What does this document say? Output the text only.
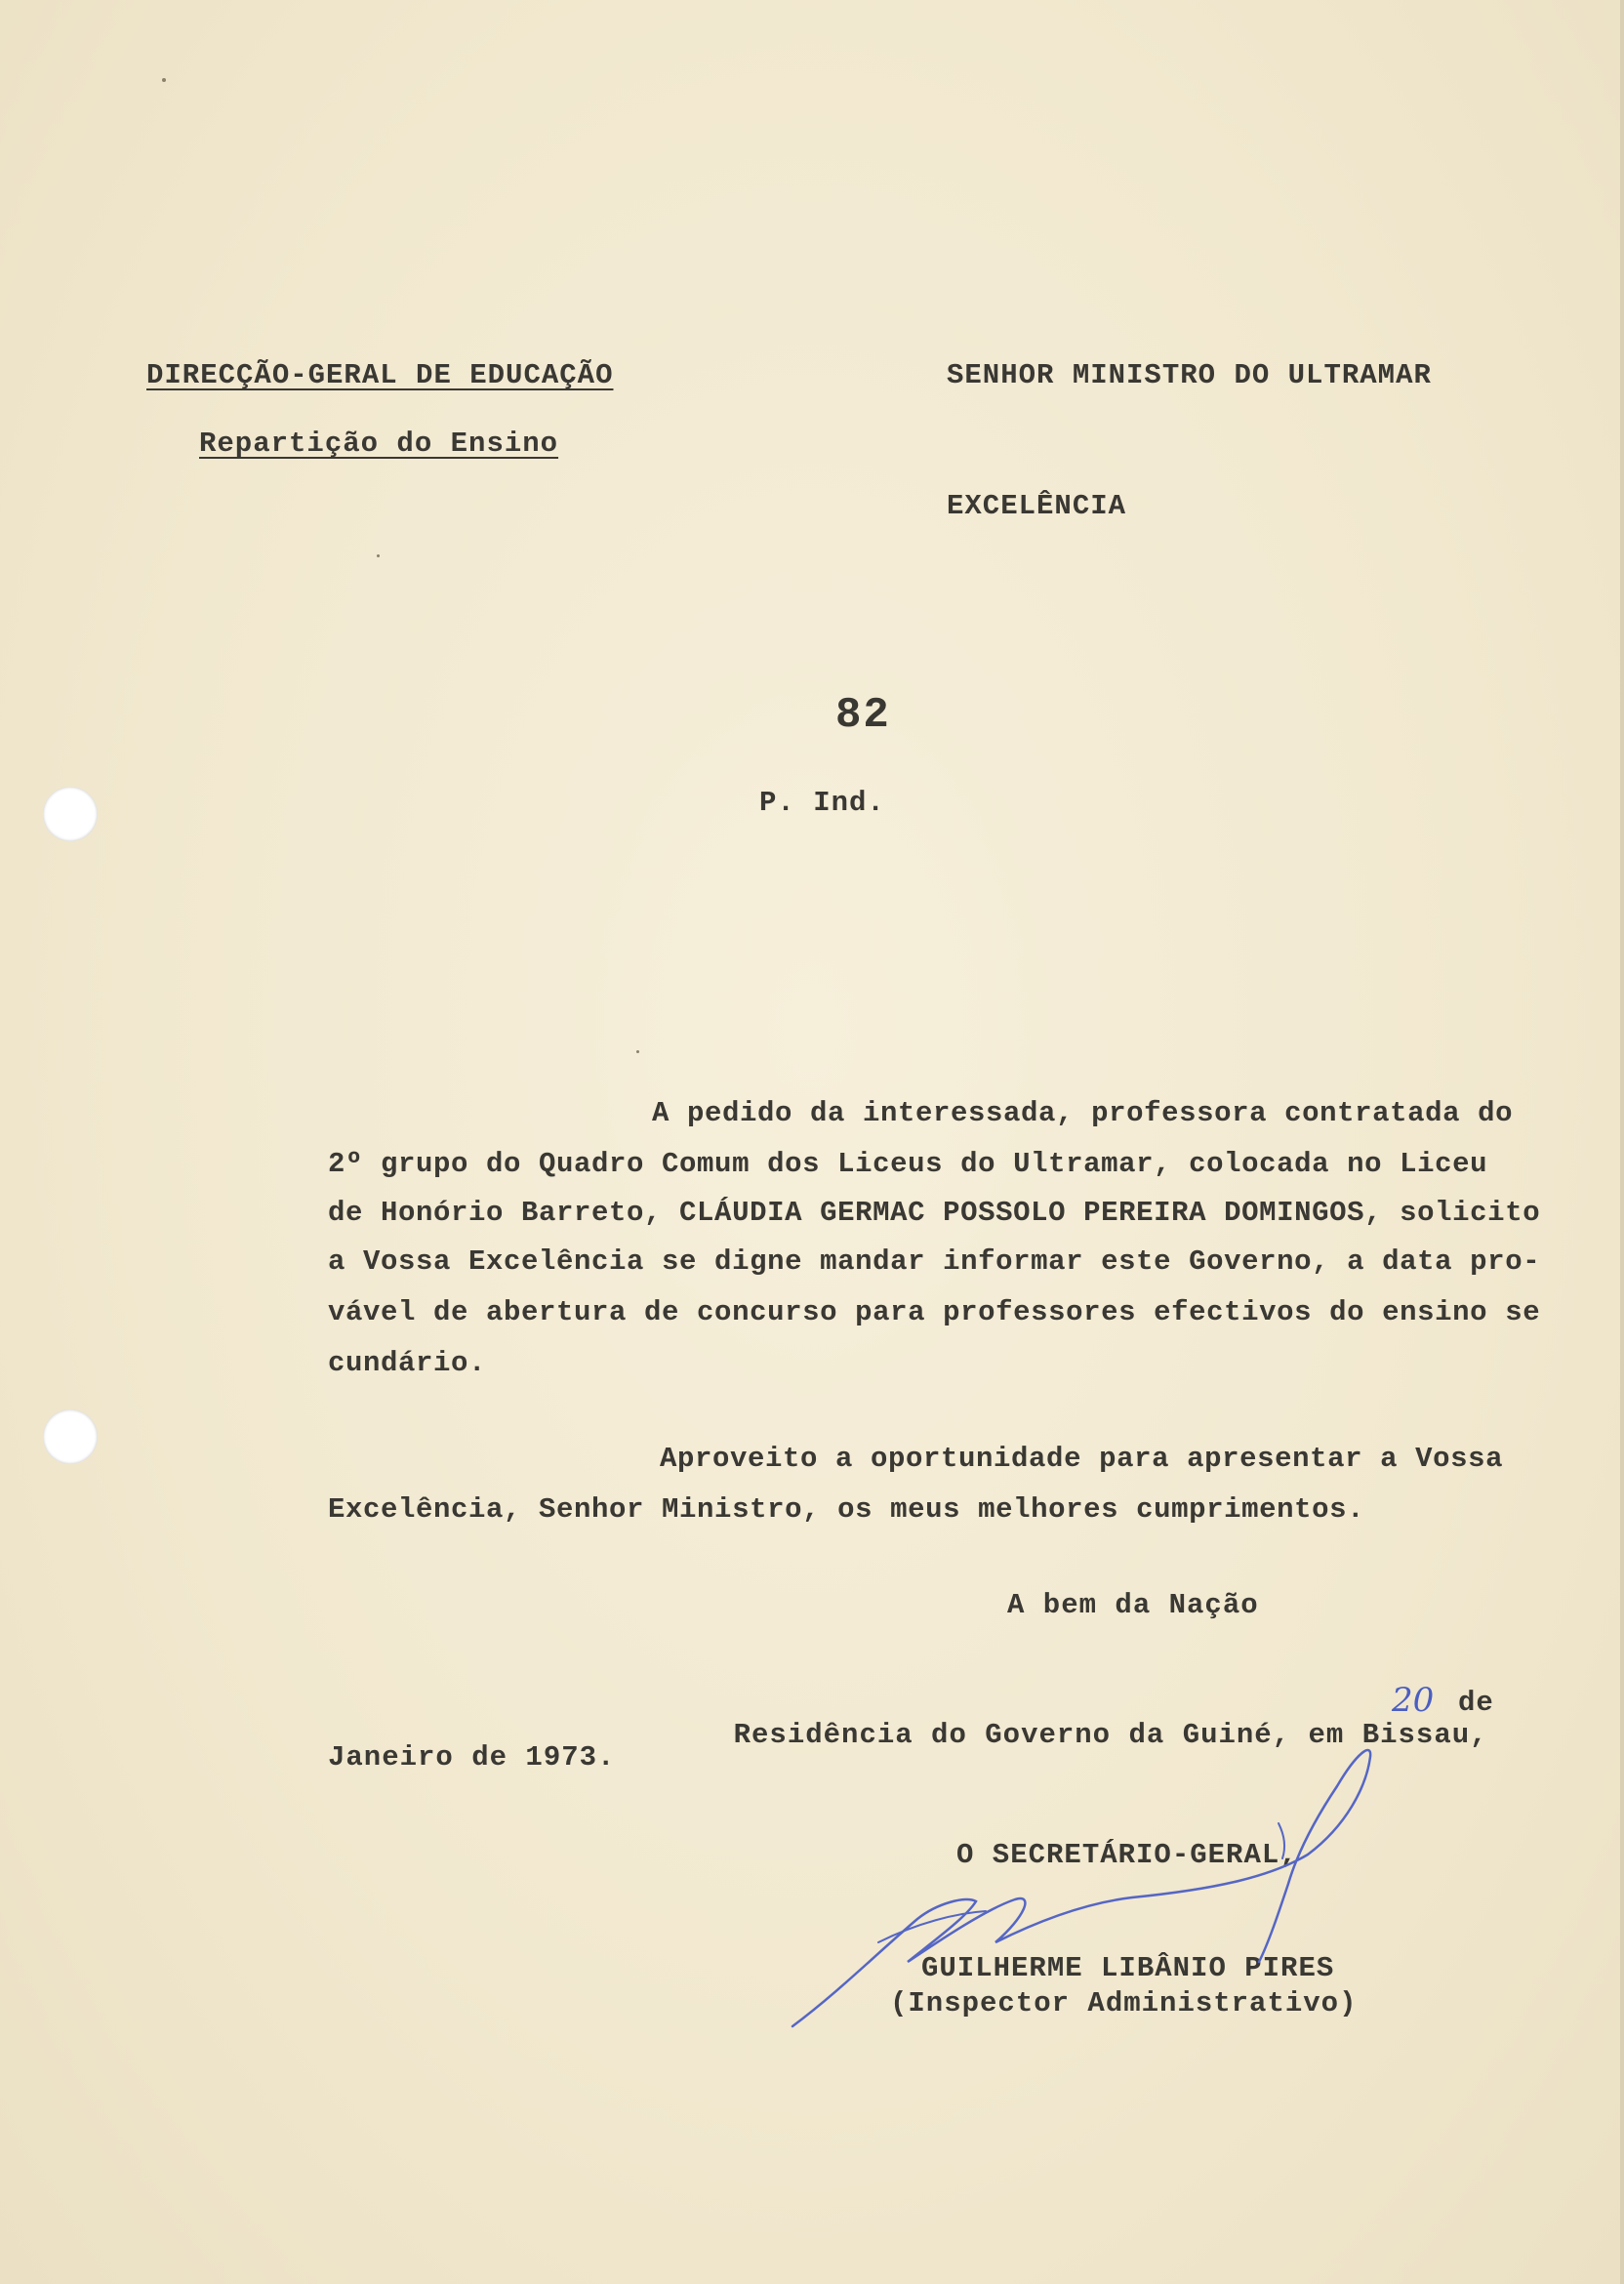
DIRECÇÃO-GERAL DE EDUCAÇÃO
Repartição do Ensino
SENHOR MINISTRO DO ULTRAMAR
EXCELÊNCIA
82
P. Ind.
A pedido da interessada, professora contratada do
2º grupo do Quadro Comum dos Liceus do Ultramar, colocada no Liceu
de Honório Barreto, CLÁUDIA GERMAC POSSOLO PEREIRA DOMINGOS, solicito
a Vossa Excelência se digne mandar informar este Governo, a data pro-
vável de abertura de concurso para professores efectivos do ensino se
cundário.
Aproveito a oportunidade para apresentar a Vossa
Excelência, Senhor Ministro, os meus melhores cumprimentos.
A bem da Nação

Residência do Governo da Guiné, em Bissau,

20 de
Janeiro de 1973.
O SECRETÁRIO-GERAL,
GUILHERME LIBÂNIO PIRES
(Inspector Administrativo)
